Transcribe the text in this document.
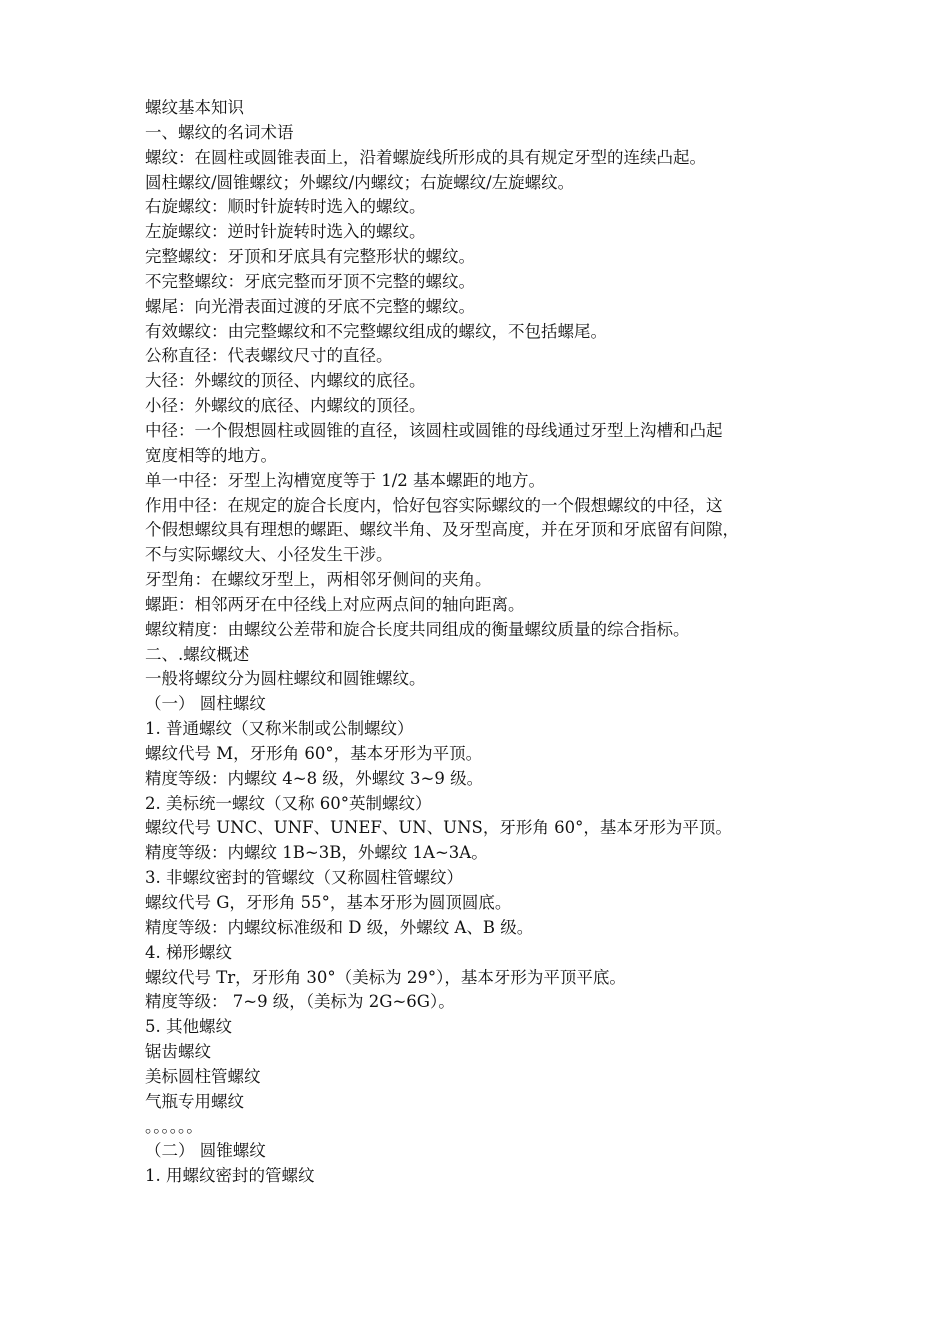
螺纹基本知识

一、螺纹的名词术语

螺纹：在圆柱或圆锥表面上，沿着螺旋线所形成的具有规定牙型的连续凸起。

圆柱螺纹/圆锥螺纹；外螺纹/内螺纹；右旋螺纹/左旋螺纹。

右旋螺纹：顺时针旋转时选入的螺纹。

左旋螺纹：逆时针旋转时选入的螺纹。

完整螺纹：牙顶和牙底具有完整形状的螺纹。

不完整螺纹：牙底完整而牙顶不完整的螺纹。

螺尾：向光滑表面过渡的牙底不完整的螺纹。

有效螺纹：由完整螺纹和不完整螺纹组成的螺纹，不包括螺尾。

公称直径：代表螺纹尺寸的直径。

大径：外螺纹的顶径、内螺纹的底径。

小径：外螺纹的底径、内螺纹的顶径。

中径：一个假想圆柱或圆锥的直径，该圆柱或圆锥的母线通过牙型上沟槽和凸起

宽度相等的地方。

单一中径：牙型上沟槽宽度等于 1/2 基本螺距的地方。

作用中径：在规定的旋合长度内，恰好包容实际螺纹的一个假想螺纹的中径，这

个假想螺纹具有理想的螺距、螺纹半角、及牙型高度，并在牙顶和牙底留有间隙，

不与实际螺纹大、小径发生干涉。

牙型角：在螺纹牙型上，两相邻牙侧间的夹角。

螺距：相邻两牙在中径线上对应两点间的轴向距离。

螺纹精度：由螺纹公差带和旋合长度共同组成的衡量螺纹质量的综合指标。

二、.螺纹概述

一般将螺纹分为圆柱螺纹和圆锥螺纹。

（一） 圆柱螺纹

1. 普通螺纹（又称米制或公制螺纹）

螺纹代号 M，牙形角 60°，基本牙形为平顶。

精度等级：内螺纹 4~8 级，外螺纹 3~9 级。

2. 美标统一螺纹（又称 60°英制螺纹）

螺纹代号 UNC、UNF、UNEF、UN、UNS，牙形角 60°，基本牙形为平顶。

精度等级：内螺纹 1B~3B，外螺纹 1A~3A。

3. 非螺纹密封的管螺纹（又称圆柱管螺纹）

螺纹代号 G，牙形角 55°，基本牙形为圆顶圆底。

精度等级：内螺纹标准级和 D 级，外螺纹 A、B 级。

4. 梯形螺纹

螺纹代号 Tr，牙形角 30°（美标为 29°），基本牙形为平顶平底。

精度等级： 7~9 级，（美标为 2G~6G）。

5. 其他螺纹

锯齿螺纹

美标圆柱管螺纹

气瓶专用螺纹

。。。。。。

（二） 圆锥螺纹

1. 用螺纹密封的管螺纹
